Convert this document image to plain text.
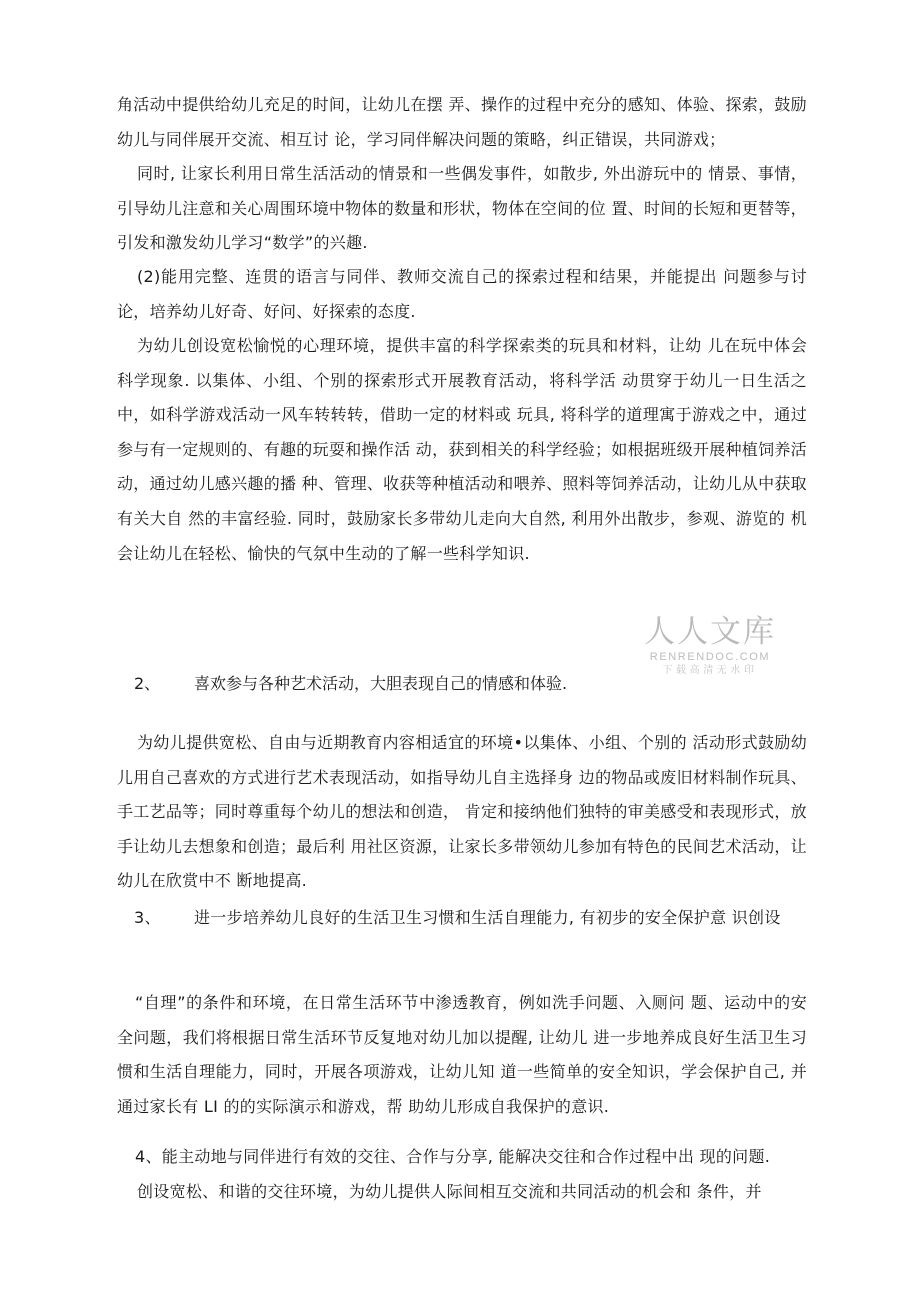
角活动中提供给幼儿充足的时间，让幼儿在摆 弄、操作的过程中充分的感知、体验、探索，鼓励幼儿与同伴展开交流、相互讨 论，学习同伴解决问题的策略，纠正错误，共同游戏；

同时, 让家长利用日常生活活动的情景和一些偶发事件，如散步, 外出游玩中的 情景、事情，引导幼儿注意和关心周围环境中物体的数量和形状，物体在空间的位 置、时间的长短和更替等，引发和激发幼儿学习“数学”的兴趣.

(2)能用完整、连贯的语言与同伴、教师交流自己的探索过程和结果，并能提出 问题参与讨论，培养幼儿好奇、好问、好探索的态度.

为幼儿创设宽松愉悦的心理环境，提供丰富的科学探索类的玩具和材料，让幼 儿在玩中体会科学现象. 以集体、小组、个别的探索形式开展教育活动，将科学活 动贯穿于幼儿一日生活之中，如科学游戏活动一风车转转转，借助一定的材料或 玩具, 将科学的道理寓于游戏之中，通过参与有一定规则的、有趣的玩耍和操作活 动，获到相关的科学经验；如根据班级开展种植饲养活动，通过幼儿感兴趣的播 种、管理、收获等种植活动和喂养、照料等饲养活动，让幼儿从中获取有关大自 然的丰富经验. 同时，鼓励家长多带幼儿走向大自然, 利用外出散步，参观、游览的 机会让幼儿在轻松、愉快的气氛中生动的了解一些科学知识.

人人文库
RENRENDOC.COM
下载高清无水印
2、 喜欢参与各种艺术活动，大胆表现自己的情感和体验.

为幼儿提供宽松、自由与近期教育内容相适宜的环境•以集体、小组、个别的 活动形式鼓励幼儿用自己喜欢的方式进行艺术表现活动，如指导幼儿自主选择身 边的物品或废旧材料制作玩具、手工艺品等；同时尊重每个幼儿的想法和创造， 肯定和接纳他们独特的审美感受和表现形式，放手让幼儿去想象和创造；最后利 用社区资源，让家长多带领幼儿参加有特色的民间艺术活动，让幼儿在欣赏中不 断地提高.

3、 进一步培养幼儿良好的生活卫生习惯和生活自理能力, 有初步的安全保护意 识创设

“自理”的条件和环境，在日常生活环节中渗透教育，例如洗手问题、入厕问 题、运动中的安全问题，我们将根据日常生活环节反复地对幼儿加以提醒, 让幼儿 进一步地养成良好生活卫生习惯和生活自理能力，同时，开展各项游戏，让幼儿知 道一些简单的安全知识，学会保护自己, 并通过家长有 LI 的的实际演示和游戏，帮 助幼儿形成自我保护的意识.

4、能主动地与同伴进行有效的交往、合作与分享, 能解决交往和合作过程中出 现的问题.

创设宽松、和谐的交往环境，为幼儿提供人际间相互交流和共同活动的机会和 条件，并
